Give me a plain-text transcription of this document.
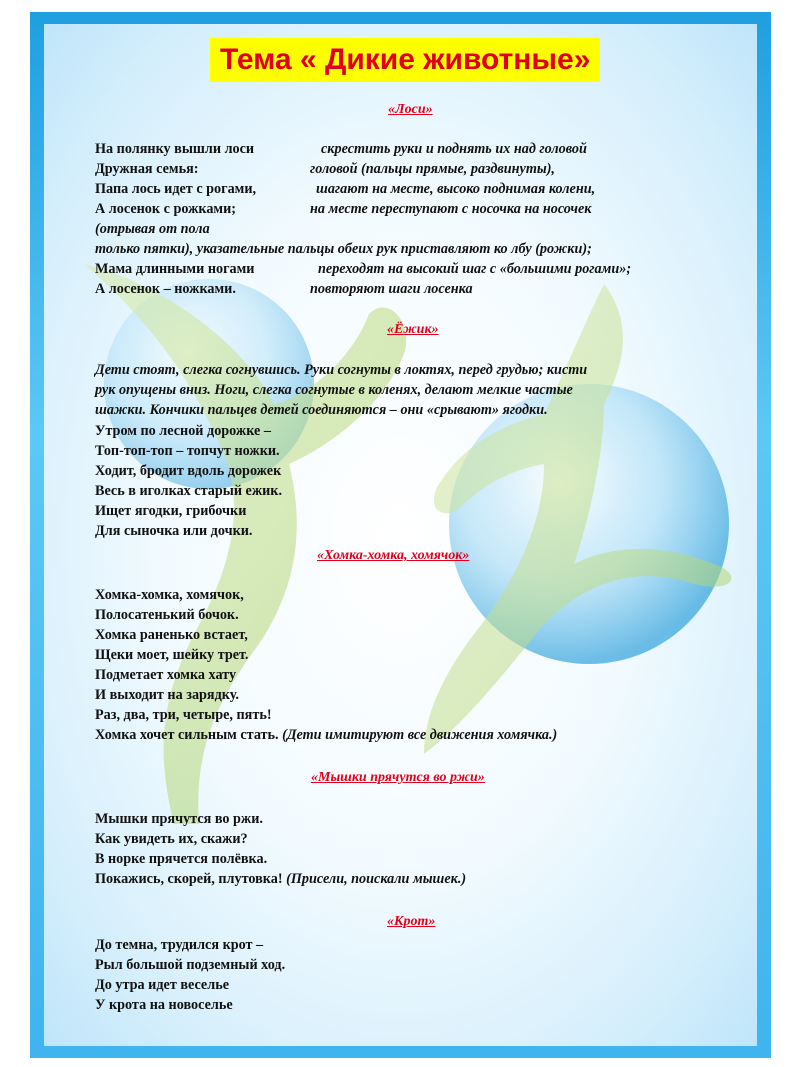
Тема « Дикие животные»
«Лоси»
На полянку вышли лоси	скрестить руки и поднять их над головой
Дружная семья:	головой (пальцы прямые, раздвинуты),
Папа лось идет с рогами,	шагают на месте, высоко поднимая колени,
А лосенок с рожками;	на месте переступают с носочка на носочек
(отрывая от пола
только пятки), указательные пальцы обеих рук приставляют ко лбу (рожки);
Мама длинными ногами	переходят на высокий шаг с «большими рогами»;
А лосенок – ножками.	повторяют шаги лосенка
«Ёжик»
Дети стоят, слегка согнувшись. Руки согнуты в локтях, перед грудью; кисти
рук опущены вниз. Ноги, слегка согнутые в коленях, делают мелкие частые
шажки. Кончики пальцев детей соединяются – они «срывают» ягодки.
Утром по лесной дорожке –
Топ-топ-топ – топчут ножки.
Ходит, бродит вдоль дорожек
Весь в иголках старый ежик.
Ищет ягодки, грибочки
Для сыночка или дочки.
«Хомка-хомка, хомячок»
Хомка-хомка, хомячок,
Полосатенький бочок.
Хомка раненько встает,
Щеки моет, шейку трет.
Подметает хомка хату
И выходит на зарядку.
Раз, два, три, четыре, пять!
Хомка хочет сильным стать. (Дети имитируют все движения хомячка.)
«Мышки прячутся во ржи»
Мышки прячутся во ржи.
Как увидеть их, скажи?
В норке прячется полёвка.
Покажись, скорей, плутовка! (Присели, поискали мышек.)
«Крот»
До темна, трудился крот –
Рыл большой подземный ход.
До утра идет веселье
У крота на новоселье
